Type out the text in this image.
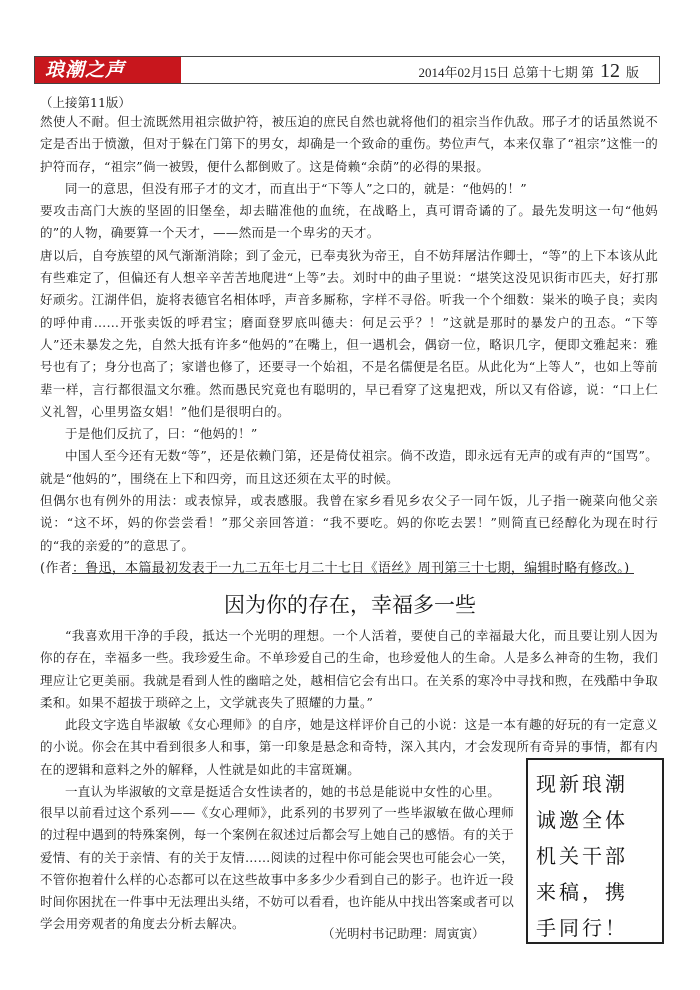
琅潮之声	2014年02月15日 总第十七期 第 12 版
（上接第11版）

然使人不耐。但士流既然用祖宗做护符，被压迫的庶民自然也就将他们的祖宗当作仇敌。邢子才的话虽然说不定是否出于愤激，但对于躲在门第下的男女，却确是一个致命的重伤。势位声气，本来仅靠了“祖宗”这惟一的护符而存，“祖宗”倘一被毁，便什么都倒败了。这是倚赖“余荫”的必得的果报。

同一的意思，但没有邢子才的文才，而直出于“下等人”之口的，就是：“他妈的！”

要攻击高门大族的坚固的旧堡垒，却去瞄准他的血统，在战略上，真可谓奇谲的了。最先发明这一句“他妈的”的人物，确要算一个天才，——然而是一个卑劣的天才。

唐以后，自夸族望的风气渐渐消除；到了金元，已奉夷狄为帝王，自不妨拜屠沽作卿士，“等”的上下本该从此有些难定了，但偏还有人想辛辛苦苦地爬进“上等”去。刘时中的曲子里说：“堪笑这没见识街市匹夫，好打那好顽劣。江湖伴侣，旋将表德官名相体呼，声音多厮称，字样不寻俗。听我一个个细数：粜米的唤子良；卖肉的呼仲甫……开张卖饭的呼君宝；磨面登罗底叫德夫：何足云乎？！”这就是那时的暴发户的丑态。“下等人”还未暴发之先，自然大抵有许多“他妈的”在嘴上，但一遇机会，偶窃一位，略识几字，便即文雅起来：雅号也有了；身分也高了；家谱也修了，还要寻一个始祖，不是名儒便是名臣。从此化为“上等人”，也如上等前辈一样，言行都很温文尔雅。然而愚民究竟也有聪明的，早已看穿了这鬼把戏，所以又有俗谚，说：“口上仁义礼智，心里男盗女娼！”他们是很明白的。

于是他们反抗了，曰：“他妈的！”

中国人至今还有无数“等”，还是依赖门第，还是倚仗祖宗。倘不改造，即永远有无声的或有声的“国骂”。就是“他妈的”，围绕在上下和四旁，而且这还须在太平的时候。

但偶尔也有例外的用法：或表惊异，或表感服。我曾在家乡看见乡农父子一同午饭，儿子指一碗菜向他父亲说：“这不坏，妈的你尝尝看！”那父亲回答道：“我不要吃。妈的你吃去罢！”则简直已经醇化为现在时行的“我的亲爱的”的意思了。

(作者：鲁迅，本篇最初发表于一九二五年七月二十七日《语丝》周刊第三十七期，编辑时略有修改。)

因为你的存在，幸福多一些

“我喜欢用干净的手段，抵达一个光明的理想。一个人活着，要使自己的幸福最大化，而且要让别人因为你的存在，幸福多一些。我珍爱生命。不单珍爱自己的生命，也珍爱他人的生命。人是多么神奇的生物，我们理应让它更美丽。我就是看到人性的幽暗之处，越相信它会有出口。在关系的寒冷中寻找和煦，在残酷中争取柔和。如果不超拔于琐碎之上，文学就丧失了照耀的力量。”

此段文字选自毕淑敏《女心理师》的自序，她是这样评价自己的小说：这是一本有趣的好玩的有一定意义的小说。你会在其中看到很多人和事，第一印象是悬念和奇特，深入其内，才会发现所有奇异的事情，都有内在的逻辑和意料之外的解释，人性就是如此的丰富斑斓。

一直认为毕淑敏的文章是挺适合女性读者的，她的书总是能说中女性的心里。

很早以前看过这个系列——《女心理师》，此系列的书罗列了一些毕淑敏在做心理师的过程中遇到的特殊案例，每一个案例在叙述过后都会写上她自己的感悟。有的关于爱情、有的关于亲情、有的关于友情……阅读的过程中你可能会哭也可能会心一笑，不管你抱着什么样的心态都可以在这些故事中多多少少看到自己的影子。也许近一段时间你困扰在一件事中无法理出头绪，不妨可以看看，也许能从中找出答案或者可以学会用旁观者的角度去分析去解决。

（光明村书记助理：周寅寅）
现新琅潮
诚邀全体
机关干部
来稿，携
手同行！
